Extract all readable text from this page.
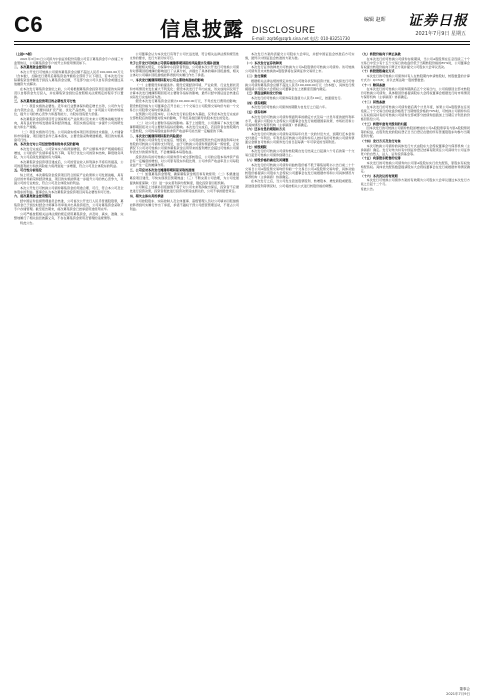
C6	信息披露 DISCLOSURE
编辑 赵晖 证券日报
E-mail: zqrb6@zqrb.sina.net 电话: 010-83251730
2021年7月9日 星期五

（上接C5版）

2021年3月31日公司拟与中信证券股份有限公司签订募集资金专户存储三方监管协议，公司募集资金专户的开立和使用情况如下。

二、本次募集资金使用计划

本次公开发行可转换公司债券募集资金总额不超过人民币100,000.00万元（含本数），扣除发行费用后募集资金净额将全部用于以下项目，若本次发行实际募集资金净额低于拟投入募集资金总额，不足部分由公司以自有资金或通过其他融资方式解决。

在本次发行募集资金到位之前，公司将根据募集资金投资项目进度的实际情况以自筹资金先行投入，并在募集资金到位后按照相关法规规定的程序予以置换。

三、本次募集资金投资项目的必要性及可行性

（一）项目实施的必要性。近年来行业整体保持稳定增长态势，公司作为行业内领先企业，需要持续扩充产能、优化产品结构，进一步巩固公司的市场地位，提升公司的核心竞争力和盈利能力，为股东创造更大价值。

本次募集资金投资项目符合国家相关产业政策以及未来公司整体战略发展方向，具有良好的市场发展前景和经济效益，项目实施后将进一步提升公司的研发能力和生产规模。

（二）项目实施的可行性。公司具备实施本项目所需的技术储备、人才储备和市场储备，项目建设条件已基本落实，主要设备采购渠道畅通，项目的实施具备可行性。

四、本次发行对公司经营管理和财务状况的影响

本次发行完成后，公司资本实力将得到增强，资产总额和净资产规模将相应增加，公司的资产负债率将有所下降，有利于优化公司的资本结构，降低财务风险，为公司后续发展提供有力保障。

本次募集资金投资项目建成后，公司的营业收入和利润水平将有所提高，公司的盈利能力和抗风险能力将得到进一步增强，符合公司及全体股东的利益。

五、可行性分析结论

综上所述，本次募集资金投资项目符合国家产业政策和公司发展战略，具有良好的市场前景和经济效益，项目的实施能够进一步提升公司的核心竞争力，巩固公司的行业地位，符合公司及全体股东的利益。

本次公开发行可转换公司债券募集资金的用途合理、可行，符合本公司及全体股东的利益。董事会认为本次募集资金投资项目具有必要性和可行性。

六、前次募集资金使用情况

经中国证券监督管理委员会核准，公司首次公开发行人民币普通股股票，募集资金已于到位时经会计师事务所审验并出具验资报告，公司对募集资金采取了专户存储管理。截至报告期末，前次募集资金已按承诺用途使用完毕。

公司严格按照相关法律法规的规定使用募集资金，并及时、真实、准确、完整地履行了相关信息披露义务，不存在募集资金使用及管理的违规情形。

特此公告。

公司董事会认为本次发行有利于公司长远发展，符合相关法律法规和规范性文件的要求，发行方案切实可行。

关于公开发行可转换公司债券摊薄即期回报的风险提示及填补措施

根据相关规定，为保障中小投资者利益，公司就本次公开发行可转换公司债券对即期回报摊薄的影响进行了认真分析，并提出了具体的填补回报措施，相关主体对公司填补回报措施能够得到切实履行作出了承诺。

一、本次发行摊薄即期回报对公司主要财务指标的影响

（一）主要假设和前提条件。假设宏观经济环境、产业政策、行业发展状况和市场情况未发生重大不利变化；假设本次发行于年内完成，该完成时间仅用于计算本次发行摊薄即期回报对主要财务指标的影响，最终以经中国证监会核准后实际发行完成时间为准。

假设本次发行募集资金总额为100,000.00万元，不考虑发行费用的影响；假设转股价格为公司董事会召开日前二十个交易日公司股票交易均价与前一个交易日公司股票交易均价孰高者。

在预测公司总股本时，以本次发行前总股本为基础，仅考虑本次发行完成并全部转股后的股票数对股本的影响，不考虑其他因素导致股本发生的变化。

（二）对公司主要财务指标的影响。基于上述假设，公司测算了本次发行摊薄即期回报对公司主要财务指标的影响。本次发行完成后，若投资者在转股期内大量转股，公司的每股收益和净资产收益率可能出现一定幅度的下降。

二、本次发行摊薄即期回报的风险提示

可转换公司债券发行完成后、转股前，公司需按照预先约定的票面利率对未转股的可转换公司债券支付利息，由于可转换公司债券票面利率一般较低，正常情况下公司对可转换公司债券募集资金运用带来的盈利增长会超过可转换公司债券需支付的债券利息，不会摊薄基本每股收益。

投资者持有的可转换公司债券部分或全部转股后，公司的总股本和净资产将会有一定幅度的增加，对公司原有股东持股比例、公司净资产收益率及公司每股收益产生一定的摊薄作用。

三、公司应对本次发行摊薄即期回报采取的措施

（一）加强募集资金管理，确保募集资金规范和有效使用；（二）积极推进募投项目建设，尽快实现项目预期效益；（三）不断完善公司治理，为公司发展提供制度保障；（四）进一步完善利润分配制度，强化投资者回报机制。

公司制定上述填补回报措施不等于对公司未来利润做出保证，投资者不应据此进行投资决策，投资者据此进行投资决策造成损失的，公司不承担赔偿责任。

四、相关主体出具的承诺

公司控股股东、实际控制人及全体董事、高级管理人员对公司填补回报措施能够得到切实履行作出了承诺，承诺不越权干预公司经营管理活动，不侵占公司利益。

本次发行方案尚需提交公司股东大会审议，并经中国证监会核准后方可实施，最终以中国证监会核准的方案为准。

（一）本次发行证券的种类

本次发行证券的种类为可转换为公司A股股票的可转换公司债券。该可转换公司债券及未来转换的A股股票将在深圳证券交易所上市。

（二）发行规模

根据相关法律法规的规定并结合公司财务状况和投资计划，本次拟发行可转换公司债券募集资金总额不超过人民币100,000.00万元（含本数），具体发行规模提请公司股东大会授权公司董事会在上述额度范围内确定。

（三）票面金额和发行价格

本次发行的可转换公司债券每张面值为人民币100元，按面值发行。

（四）债券期限

本次发行的可转换公司债券的期限为自发行之日起六年。

（五）债券利率

本次发行的可转换公司债券票面利率的确定方式及每一计息年度的最终利率水平，提请公司股东大会授权公司董事会在发行前根据国家政策、市场状况和公司具体情况与保荐机构（主承销商）协商确定。

（六）还本付息的期限和方式

本次发行的可转换公司债券采用每年付息一次的付息方式，到期归还本金和支付最后一年利息。年利息指可转换公司债券持有人按持有的可转换公司债券票面总金额自可转换公司债券发行首日起每满一年可享受的当期利息。

（七）转股期限

本次发行的可转换公司债券转股期自发行结束之日起满六个月后的第一个交易日起至可转换公司债券到期日止。

（八）转股价格的确定及其调整

本次发行的可转换公司债券初始转股价格不低于募集说明书公告日前二十个交易日公司A股股票交易均价和前一个交易日公司A股股票交易均价，具体初始转股价格提请公司股东大会授权公司董事会在发行前根据市场和公司具体情况与保荐机构（主承销商）协商确定。

在本次发行之后，当公司发生派送股票股利、转增股本、增发新股或配股、派送现金股利等情况时，公司将按相关公式进行转股价格的调整。

（九）转股价格向下修正条款

在本次发行的可转换公司债券存续期间，当公司A股股票在任意连续三十个交易日中至少有十五个交易日的收盘价低于当期转股价格的85%时，公司董事会有权提出转股价格向下修正方案并提交公司股东大会审议表决。

（十）转股股数确定方式

本次发行的可转换公司债券持有人在转股期内申请转股时，转股数量的计算方式为：Q=V/P，并以去尾法取一股的整数倍。

（十一）赎回条款

在本次发行的可转换公司债券期满后五个交易日内，公司将赎回全部未转股的可转换公司债券，具体赎回价格提请股东大会授权董事会根据发行时市场情况与保荐机构（主承销商）协商确定。

（十二）回售条款

在本次发行的可转换公司债券最后两个计息年度，如果公司A股股票在任何连续三十个交易日的收盘价格低于当期转股价格的70%时，可转换公司债券持有人有权将其持有的可转换公司债券全部或部分按债券面值加上当期应计利息的价格回售给公司。

（十三）转股年度有关股利的归属

因本次发行的可转换公司债券转股而增加的公司A股股票享有与原A股股票同等的权益，在股利发放的股权登记日当日登记在册的所有普通股股东均参与当期股利分配。

（十四）发行方式及发行对象

本次可转换公司债券的具体发行方式由股东大会授权董事会与保荐机构（主承销商）确定。发行对象为持有中国证券登记结算有限责任公司深圳分公司证券账户的自然人、法人、证券投资基金等。

（十五）向原股东配售的安排

本次发行的可转换公司债券向公司原A股股东实行优先配售，原股东有权放弃配售权。具体优先配售数量提请股东大会授权董事会在发行前根据市场情况确定。

（十六）本次决议的有效期

本次发行可转换公司债券方案的有效期为公司股东大会审议通过本次发行方案之日起十二个月。

特此公告。

董事会
2021年7月9日
